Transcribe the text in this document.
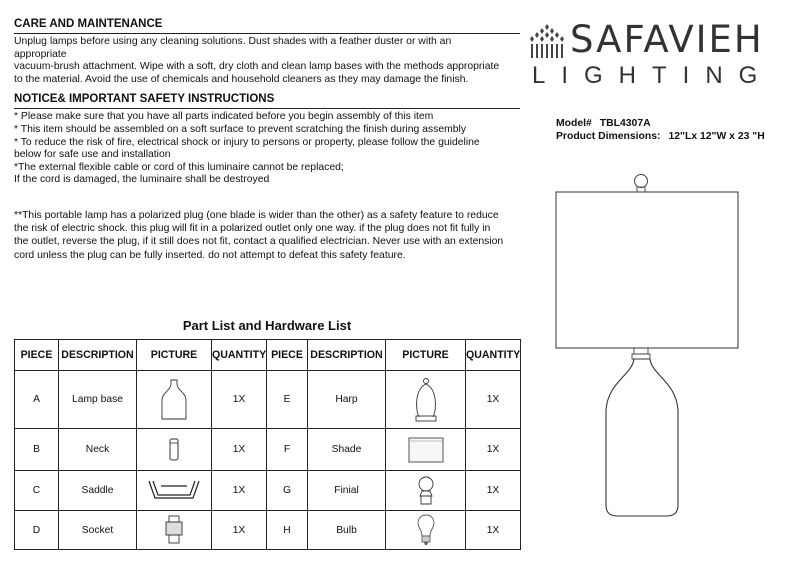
CARE AND MAINTENANCE
Unplug lamps before using any cleaning solutions. Dust shades with a feather duster or with an
appropriate
vacuum-brush attachment. Wipe with a soft, dry cloth and clean lamp bases with the methods appropriate
to the material. Avoid the use of chemicals and household cleaners as they may damage the finish.
NOTICE& IMPORTANT SAFETY INSTRUCTIONS
* Please make sure that you have all parts indicated before you begin assembly of this item
* This item should be assembled on a soft surface to prevent scratching the finish during assembly
* To reduce the risk of fire, electrical shock or injury to persons or property, please follow the guideline
below for safe use and installation
*The external flexible cable or cord of this luminaire cannot be replaced;
If the cord is damaged, the luminaire shall be destroyed
**This portable lamp has a polarized plug (one blade is wider than the other) as a safety feature to reduce
the risk of electric shock. this plug will fit in a polarized outlet only one way. if the plug does not fit fully in
the outlet, reverse the plug, if it still does not fit, contact a qualified electrician. Never use with an extension
cord unless the plug can be fully inserted. do not attempt to defeat this safety feature.
Part List and Hardware List
PIECE	DESCRIPTION	PICTURE	QUANTITY	PIECE	DESCRIPTION	PICTURE	QUANTITY
A	Lamp base		1X	E	Harp		1X
B	Neck		1X	F	Shade		1X
C	Saddle		1X	G	Finial		1X
D	Socket		1X	H	Bulb		1X
SAFAVIEH
LIGHTING
Model# TBL4307A
Product Dimensions: 12"Lx 12"W x 23 "H
